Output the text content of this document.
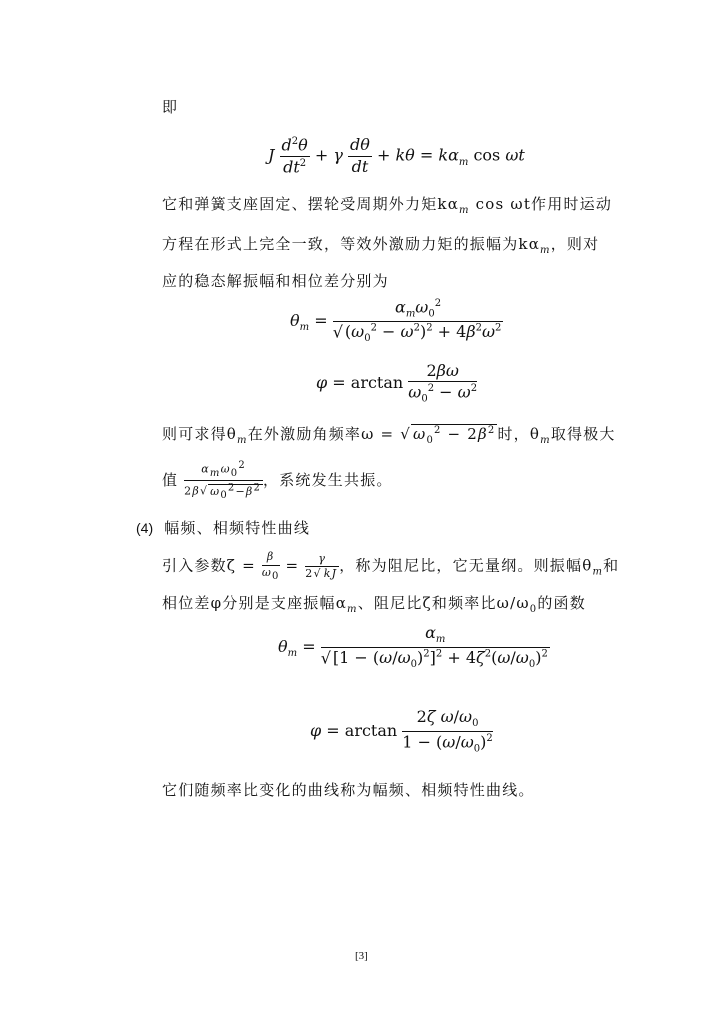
即
J $\frac{d^2\theta}{dt^2} + \gamma \frac{d\theta}{dt} + k\theta = k\alpha_m$ cos ωt
它和弹簧支座固定、摆轮受周期外力矩$k\alpha_m$ cos ωt作用时运动
方程在形式上完全一致，等效外激励力矩的振幅为$k\alpha_m$，则对
应的稳态解振幅和相位差分别为
$\theta_m = \frac{\alpha_m\omega_0^2}{√ (\omega_0^2 - \omega^2)^2 + 4\beta^2\omega^2}$
$\varphi = \arctan \frac{2\beta\omega}{\omega_0^2 - \omega^2}$
则可求得$\theta_m$在外激励角频率ω = √ $\omega_0^2 - 2\beta^2$ 时，$\theta_m$取得极大
值 $\frac{\alpha_m\omega_0^2}{2\beta√ \omega_0^2-\beta^2}$ ，系统发生共振。
(4) 幅频、相频特性曲线
引入参数$\zeta = \frac{\beta}{\omega_0} = \frac{\gamma}{2√ kJ}$ ，称为阻尼比，它无量纲。则振幅$\theta_m$和
相位差φ分别是支座振幅$\alpha_m$、阻尼比ζ和频率比$\omega/\omega_0$的函数
$\theta_m = \frac{\alpha_m}{√ [1 - (\omega/\omega_0)^2]^2 + 4\zeta^2(\omega/\omega_0)^2}$
$\varphi = \arctan \frac{2\zeta \omega/\omega_0}{1 - (\omega/\omega_0)^2}$
它们随频率比变化的曲线称为幅频、相频特性曲线。
[3]
